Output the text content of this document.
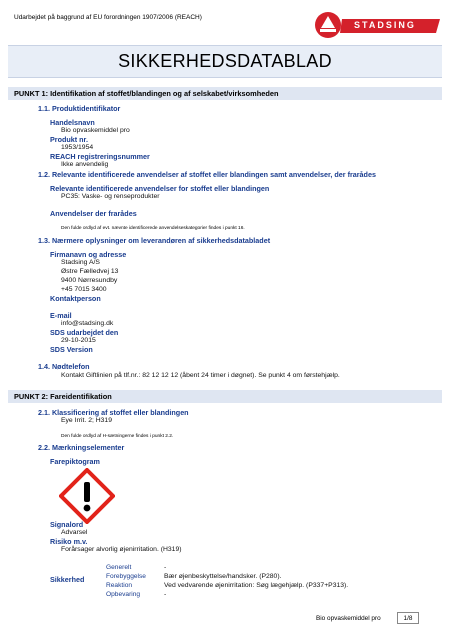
Udarbejdet på baggrund af EU forordningen 1907/2006 (REACH)
STADSING
SIKKERHEDSDATABLAD
PUNKT 1: Identifikation af stoffet/blandingen og af selskabet/virksomheden
1.1. Produktidentifikator
Handelsnavn
Bio opvaskemiddel pro
Produkt nr.
1953/1954
REACH registreringsnummer
Ikke anvendelig
1.2. Relevante identificerede anvendelser af stoffet eller blandingen samt anvendelser, der frarådes
Relevante identificerede anvendelser for stoffet eller blandingen
PC35: Vaske- og renseprodukter
Anvendelser der frarådes
Den fulde ordlyd af evt. nævnte identificerede anvendelseskategorier findes i punkt 16.
1.3. Nærmere oplysninger om leverandøren af sikkerhedsdatabladet
Firmanavn og adresse
Stadsing A/S
Østre Fælledvej 13
9400 Nørresundby
+45 7015 3400
Kontaktperson
E-mail
info@stadsing.dk
SDS udarbejdet den
29-10-2015
SDS Version
1.4. Nødtelefon
Kontakt Giftlinien på tlf.nr.: 82 12 12 12 (åbent 24 timer i døgnet). Se punkt 4 om førstehjælp.
PUNKT 2: Fareidentifikation
2.1. Klassificering af stoffet eller blandingen
Eye Irrit. 2; H319
Den fulde ordlyd af H-sætningerne findes i punkt 2.2.
2.2. Mærkningselementer
Farepiktogram
Signalord
Advarsel
Risiko m.v.
Forårsager alvorlig øjenirritation. (H319)
Sikkerhed
Generelt	-
Forebyggelse	Bær øjenbeskyttelse/handsker. (P280).
Reaktion	Ved vedvarende øjenirritation: Søg lægehjælp. (P337+P313).
Opbevaring	-
Bio opvaskemiddel pro	1/8
